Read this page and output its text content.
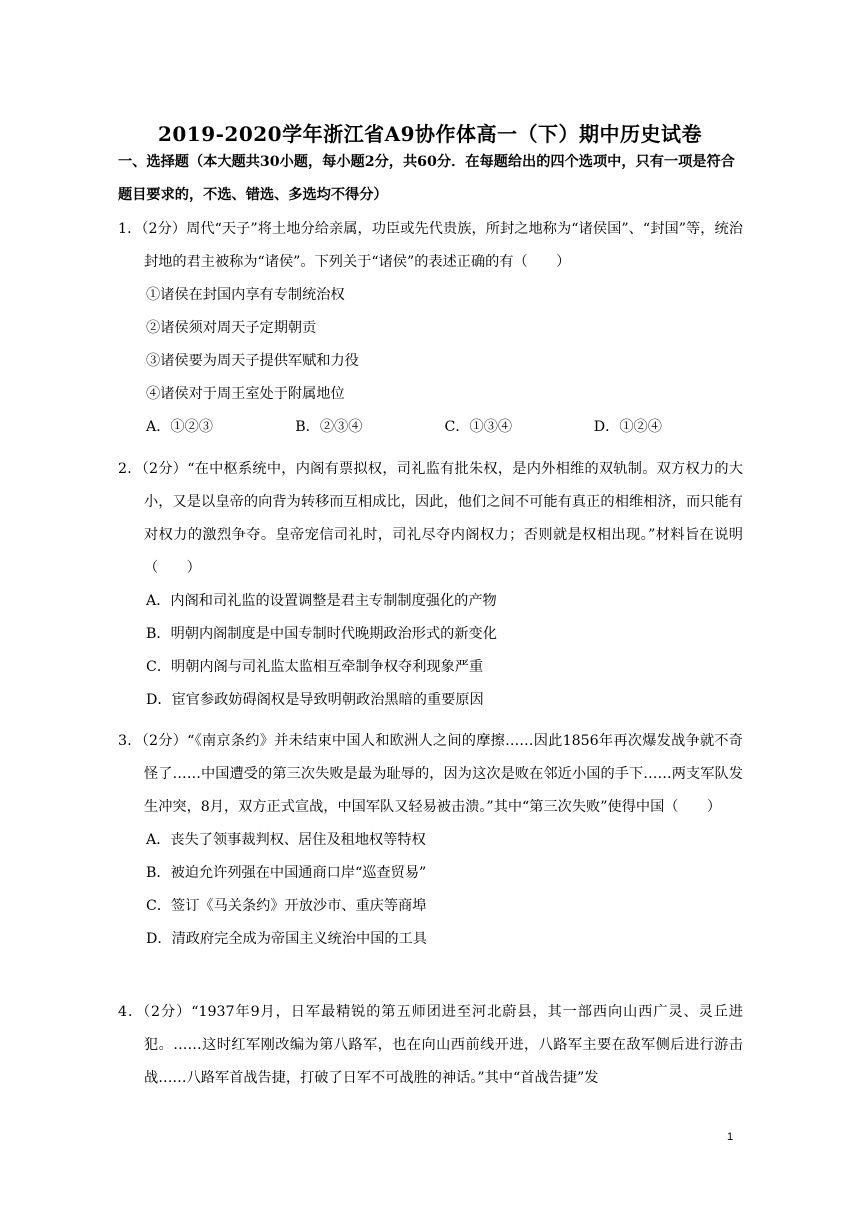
2019-2020学年浙江省A9协作体高一（下）期中历史试卷
一、选择题（本大题共30小题，每小题2分，共60分．在每题给出的四个选项中，只有一项是符合题目要求的，不选、错选、多选均不得分）
1．（2分）周代“天子”将土地分给亲属，功臣或先代贵族，所封之地称为“诸侯国”、“封国”等，统治封地的君主被称为“诸侯”。下列关于“诸侯”的表述正确的有（　　）
①诸侯在封国内享有专制统治权
②诸侯须对周天子定期朝贡
③诸侯要为周天子提供军赋和力役
④诸侯对于周王室处于附属地位
A．①②③	B．②③④	C．①③④	D．①②④
2．（2分）“在中枢系统中，内阁有票拟权，司礼监有批朱权，是内外相维的双轨制。双方权力的大小，又是以皇帝的向背为转移而互相成比，因此，他们之间不可能有真正的相维相济，而只能有对权力的激烈争夺。皇帝宠信司礼时，司礼尽夺内阁权力；否则就是权相出现。”材料旨在说明（　　）
A．内阁和司礼监的设置调整是君主专制制度强化的产物
B．明朝内阁制度是中国专制时代晚期政治形式的新变化
C．明朝内阁与司礼监太监相互牵制争权夺利现象严重
D．宦官参政妨碍阁权是导致明朝政治黑暗的重要原因
3．（2分）“《南京条约》并未结束中国人和欧洲人之间的摩擦……因此1856年再次爆发战争就不奇怪了……中国遭受的第三次失败是最为耻辱的，因为这次是败在邻近小国的手下……两支军队发生冲突，8月，双方正式宣战，中国军队又轻易被击溃。”其中“第三次失败”使得中国（　　）
A．丧失了领事裁判权、居住及租地权等特权
B．被迫允许列强在中国通商口岸“巡查贸易”
C．签订《马关条约》开放沙市、重庆等商埠
D．清政府完全成为帝国主义统治中国的工具
4．（2分）“1937年9月，日军最精锐的第五师团进至河北蔚县，其一部西向山西广灵、灵丘进犯。……这时红军刚改编为第八路军，也在向山西前线开进，八路军主要在敌军侧后进行游击战……八路军首战告捷，打破了日军不可战胜的神话。”其中“首战告捷”发
1
